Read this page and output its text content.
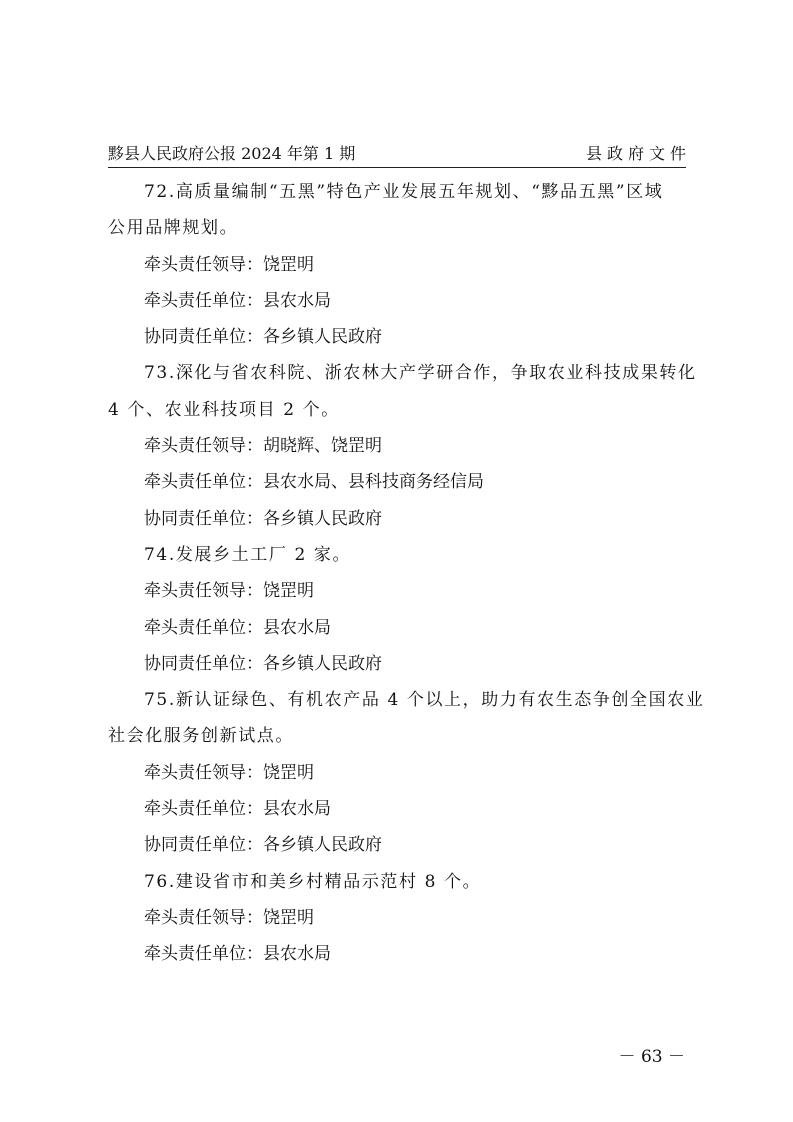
黟县人民政府公报 2024 年第 1 期	县政府文件
72.高质量编制“五黑”特色产业发展五年规划、“黟品五黑”区域
公用品牌规划。
牵头责任领导：饶罡明
牵头责任单位：县农水局
协同责任单位：各乡镇人民政府
73.深化与省农科院、浙农林大产学研合作，争取农业科技成果转化
4 个、农业科技项目 2 个。
牵头责任领导：胡晓辉、饶罡明
牵头责任单位：县农水局、县科技商务经信局
协同责任单位：各乡镇人民政府
74.发展乡土工厂 2 家。
牵头责任领导：饶罡明
牵头责任单位：县农水局
协同责任单位：各乡镇人民政府
75.新认证绿色、有机农产品 4 个以上，助力有农生态争创全国农业
社会化服务创新试点。
牵头责任领导：饶罡明
牵头责任单位：县农水局
协同责任单位：各乡镇人民政府
76.建设省市和美乡村精品示范村 8 个。
牵头责任领导：饶罡明
牵头责任单位：县农水局
－ 63 －
